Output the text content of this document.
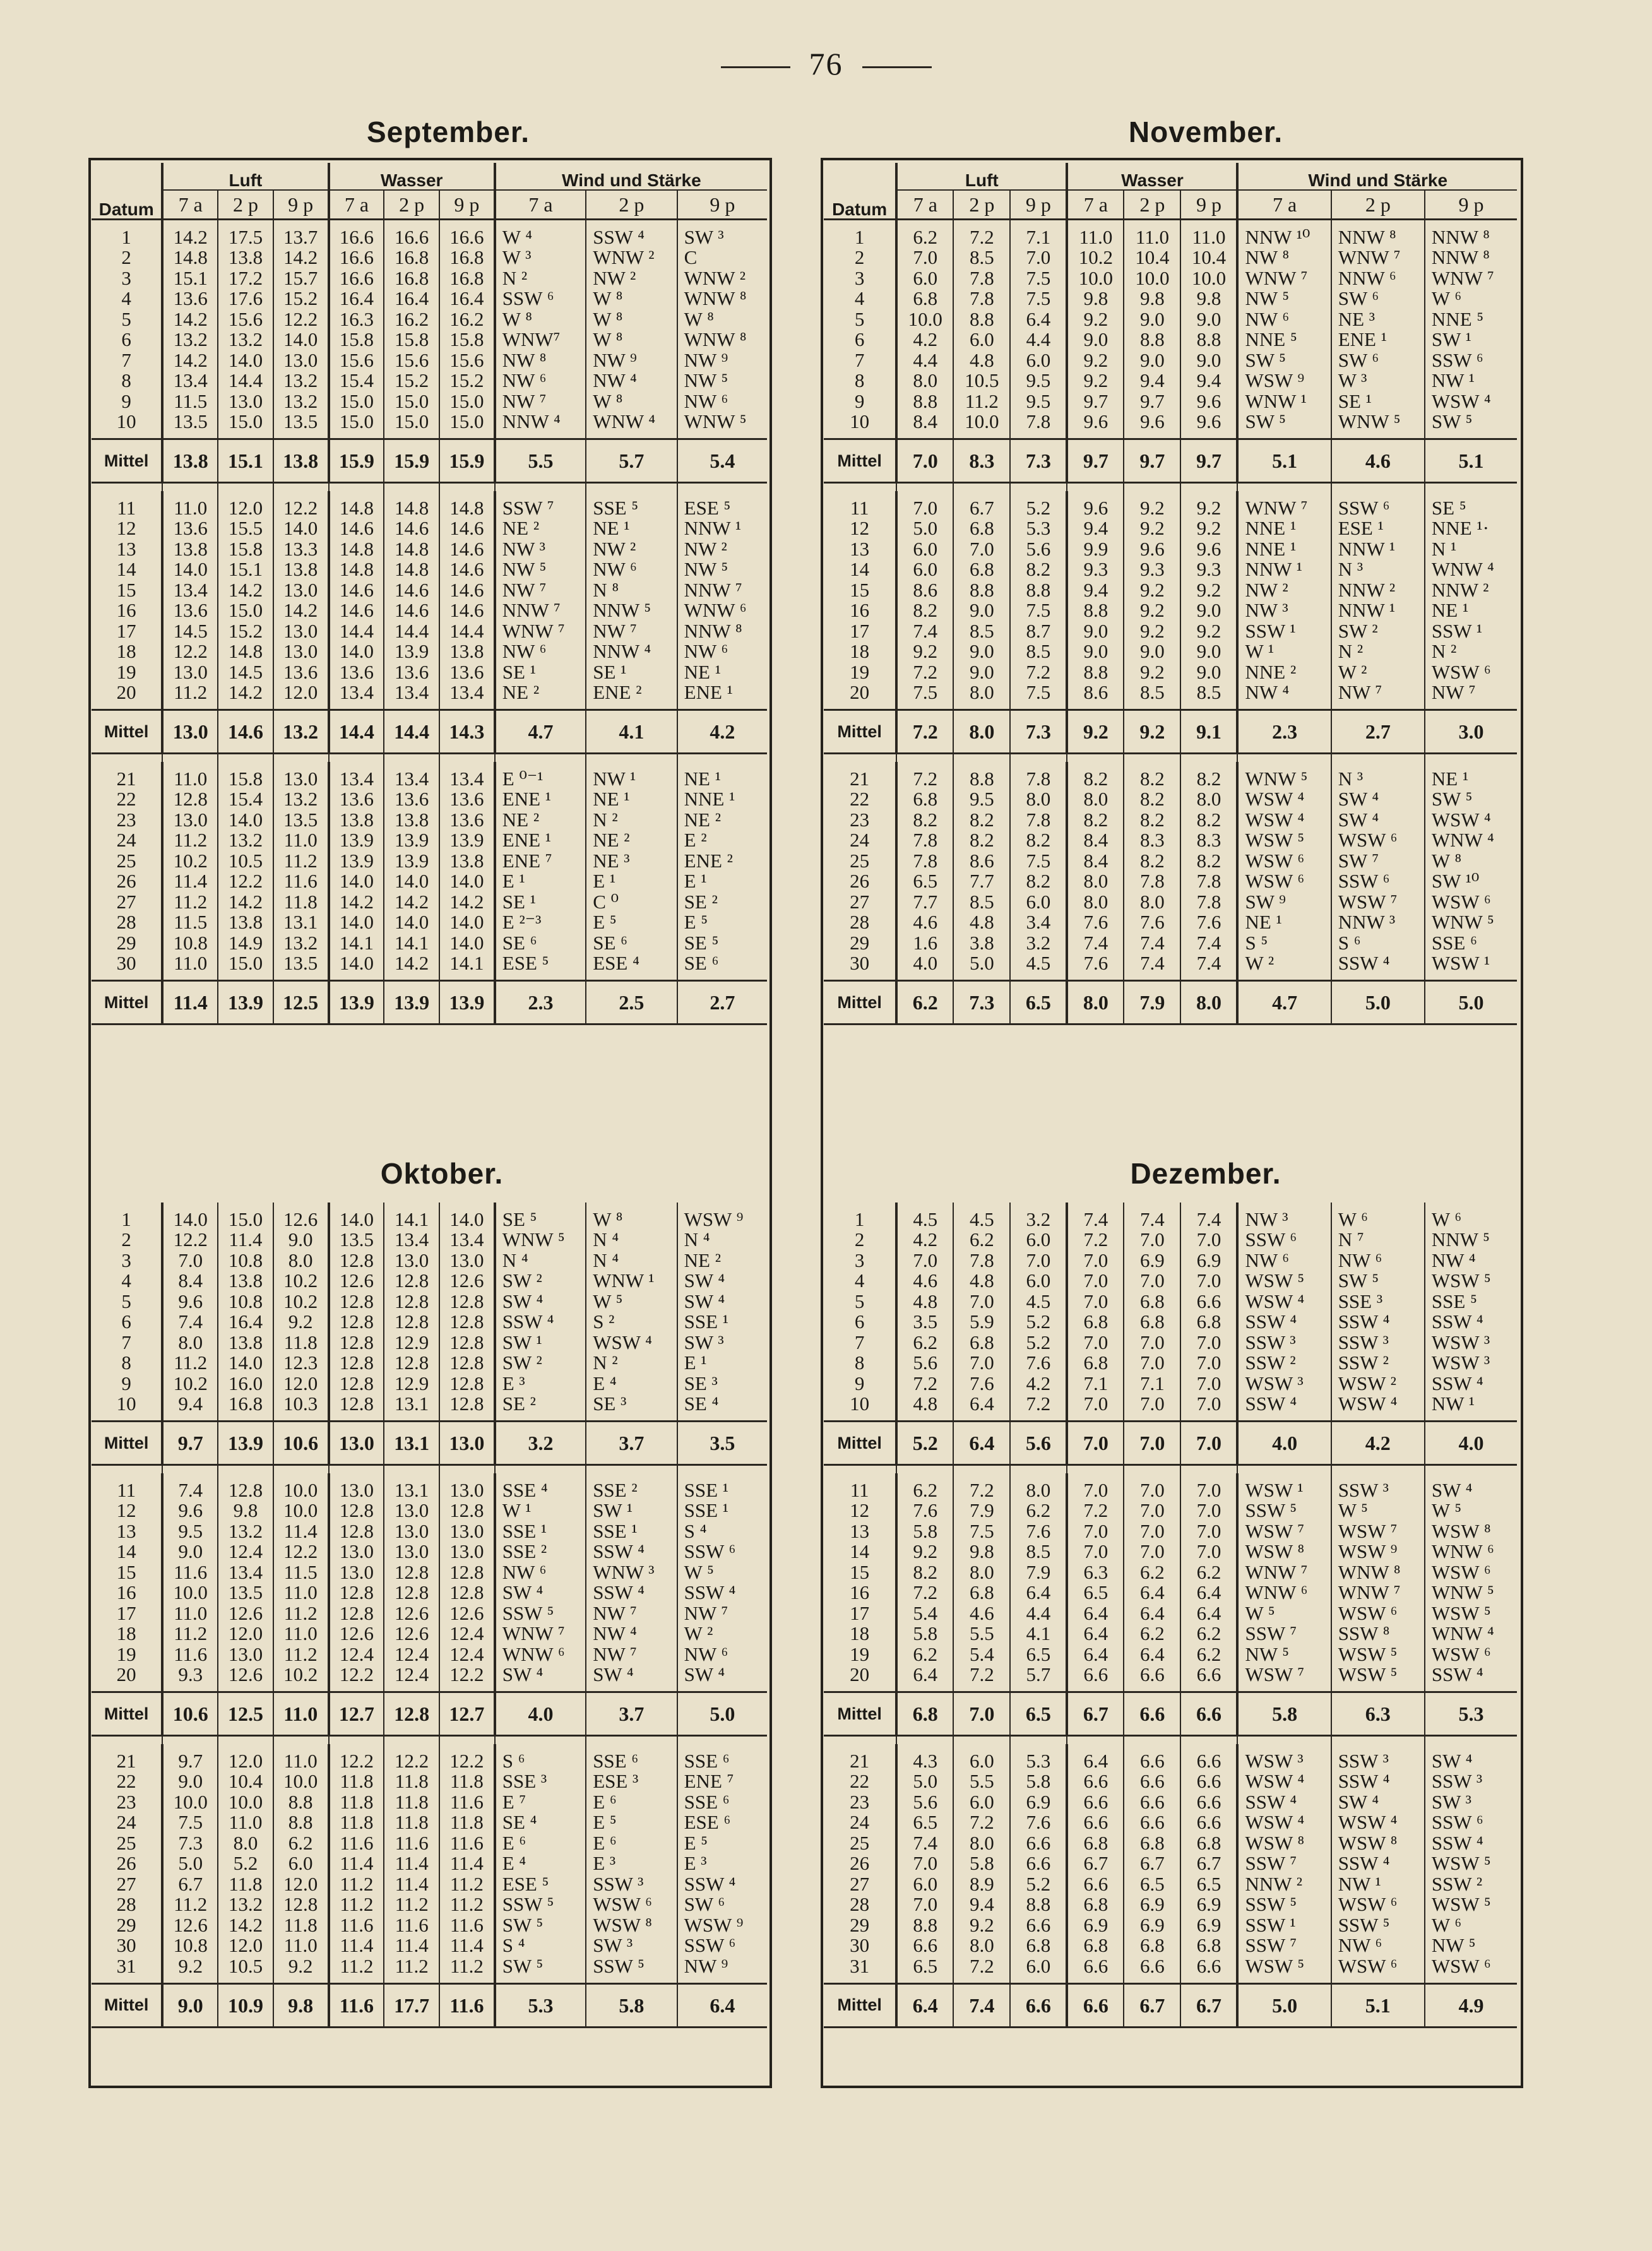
76
September.	November.
Oktober.	Dezember.
Datum	Luft			Wasser			Wind und Stärke		
	7 a	2 p	9 p	7 a	2 p	9 p	7 a	2 p	9 p
1	14.2	17.5	13.7	16.6	16.6	16.6	W ⁴	SSW ⁴	SW ³
2	14.8	13.8	14.2	16.6	16.8	16.8	W ³	WNW ²	C
3	15.1	17.2	15.7	16.6	16.8	16.8	N ²	NW ²	WNW ²
4	13.6	17.6	15.2	16.4	16.4	16.4	SSW ⁶	W ⁸	WNW ⁸
5	14.2	15.6	12.2	16.3	16.2	16.2	W ⁸	W ⁸	W ⁸
6	13.2	13.2	14.0	15.8	15.8	15.8	WNW⁷	W ⁸	WNW ⁸
7	14.2	14.0	13.0	15.6	15.6	15.6	NW ⁸	NW ⁹	NW ⁹
8	13.4	14.4	13.2	15.4	15.2	15.2	NW ⁶	NW ⁴	NW ⁵
9	11.5	13.0	13.2	15.0	15.0	15.0	NW ⁷	W ⁸	NW ⁶
10	13.5	15.0	13.5	15.0	15.0	15.0	NNW ⁴	WNW ⁴	WNW ⁵
Mittel	13.8	15.1	13.8	15.9	15.9	15.9	5.5	5.7	5.4

11	11.0	12.0	12.2	14.8	14.8	14.8	SSW ⁷	SSE ⁵	ESE ⁵
12	13.6	15.5	14.0	14.6	14.6	14.6	NE ²	NE ¹	NNW ¹
13	13.8	15.8	13.3	14.8	14.8	14.6	NW ³	NW ²	NW ²
14	14.0	15.1	13.8	14.8	14.8	14.6	NW ⁵	NW ⁶	NW ⁵
15	13.4	14.2	13.0	14.6	14.6	14.6	NW ⁷	N ⁸	NNW ⁷
16	13.6	15.0	14.2	14.6	14.6	14.6	NNW ⁷	NNW ⁵	WNW ⁶
17	14.5	15.2	13.0	14.4	14.4	14.4	WNW ⁷	NW ⁷	NNW ⁸
18	12.2	14.8	13.0	14.0	13.9	13.8	NW ⁶	NNW ⁴	NW ⁶
19	13.0	14.5	13.6	13.6	13.6	13.6	SE ¹	SE ¹	NE ¹
20	11.2	14.2	12.0	13.4	13.4	13.4	NE ²	ENE ²	ENE ¹
Mittel	13.0	14.6	13.2	14.4	14.4	14.3	4.7	4.1	4.2

21	11.0	15.8	13.0	13.4	13.4	13.4	E ⁰⁻¹	NW ¹	NE ¹
22	12.8	15.4	13.2	13.6	13.6	13.6	ENE ¹	NE ¹	NNE ¹
23	13.0	14.0	13.5	13.8	13.8	13.6	NE ²	N ²	NE ²
24	11.2	13.2	11.0	13.9	13.9	13.9	ENE ¹	NE ²	E ²
25	10.2	10.5	11.2	13.9	13.9	13.8	ENE ⁷	NE ³	ENE ²
26	11.4	12.2	11.6	14.0	14.0	14.0	E ¹	E ¹	E ¹
27	11.2	14.2	11.8	14.2	14.2	14.2	SE ¹	C ⁰	SE ²
28	11.5	13.8	13.1	14.0	14.0	14.0	E ²⁻³	E ⁵	E ⁵
29	10.8	14.9	13.2	14.1	14.1	14.0	SE ⁶	SE ⁶	SE ⁵
30	11.0	15.0	13.5	14.0	14.2	14.1	ESE ⁵	ESE ⁴	SE ⁶
Mittel	11.4	13.9	12.5	13.9	13.9	13.9	2.3	2.5	2.7
1	14.0	15.0	12.6	14.0	14.1	14.0	SE ⁵	W ⁸	WSW ⁹
2	12.2	11.4	9.0	13.5	13.4	13.4	WNW ⁵	N ⁴	N ⁴
3	7.0	10.8	8.0	12.8	13.0	13.0	N ⁴	N ⁴	NE ²
4	8.4	13.8	10.2	12.6	12.8	12.6	SW ²	WNW ¹	SW ⁴
5	9.6	10.8	10.2	12.8	12.8	12.8	SW ⁴	W ⁵	SW ⁴
6	7.4	16.4	9.2	12.8	12.8	12.8	SSW ⁴	S ²	SSE ¹
7	8.0	13.8	11.8	12.8	12.9	12.8	SW ¹	WSW ⁴	SW ³
8	11.2	14.0	12.3	12.8	12.8	12.8	SW ²	N ²	E ¹
9	10.2	16.0	12.0	12.8	12.9	12.8	E ³	E ⁴	SE ³
10	9.4	16.8	10.3	12.8	13.1	12.8	SE ²	SE ³	SE ⁴
Mittel	9.7	13.9	10.6	13.0	13.1	13.0	3.2	3.7	3.5

11	7.4	12.8	10.0	13.0	13.1	13.0	SSE ⁴	SSE ²	SSE ¹
12	9.6	9.8	10.0	12.8	13.0	12.8	W ¹	SW ¹	SSE ¹
13	9.5	13.2	11.4	12.8	13.0	13.0	SSE ¹	SSE ¹	S ⁴
14	9.0	12.4	12.2	13.0	13.0	13.0	SSE ²	SSW ⁴	SSW ⁶
15	11.6	13.4	11.5	13.0	12.8	12.8	NW ⁶	WNW ³	W ⁵
16	10.0	13.5	11.0	12.8	12.8	12.8	SW ⁴	SSW ⁴	SSW ⁴
17	11.0	12.6	11.2	12.8	12.6	12.6	SSW ⁵	NW ⁷	NW ⁷
18	11.2	12.0	11.0	12.6	12.6	12.4	WNW ⁷	NW ⁴	W ²
19	11.6	13.0	11.2	12.4	12.4	12.4	WNW ⁶	NW ⁷	NW ⁶
20	9.3	12.6	10.2	12.2	12.4	12.2	SW ⁴	SW ⁴	SW ⁴
Mittel	10.6	12.5	11.0	12.7	12.8	12.7	4.0	3.7	5.0

21	9.7	12.0	11.0	12.2	12.2	12.2	S ⁶	SSE ⁶	SSE ⁶
22	9.0	10.4	10.0	11.8	11.8	11.8	SSE ³	ESE ³	ENE ⁷
23	10.0	10.0	8.8	11.8	11.8	11.6	E ⁷	E ⁶	SSE ⁶
24	7.5	11.0	8.8	11.8	11.8	11.8	SE ⁴	E ⁵	ESE ⁶
25	7.3	8.0	6.2	11.6	11.6	11.6	E ⁶	E ⁶	E ⁵
26	5.0	5.2	6.0	11.4	11.4	11.4	E ⁴	E ³	E ³
27	6.7	11.8	12.0	11.2	11.4	11.2	ESE ⁵	SSW ³	SSW ⁴
28	11.2	13.2	12.8	11.2	11.2	11.2	SSW ⁵	WSW ⁶	SW ⁶
29	12.6	14.2	11.8	11.6	11.6	11.6	SW ⁵	WSW ⁸	WSW ⁹
30	10.8	12.0	11.0	11.4	11.4	11.4	S ⁴	SW ³	SSW ⁶
31	9.2	10.5	9.2	11.2	11.2	11.2	SW ⁵	SSW ⁵	NW ⁹
Mittel	9.0	10.9	9.8	11.6	17.7	11.6	5.3	5.8	6.4
Datum	Luft			Wasser			Wind und Stärke		
	7 a	2 p	9 p	7 a	2 p	9 p	7 a	2 p	9 p
1	6.2	7.2	7.1	11.0	11.0	11.0	NNW ¹⁰	NNW ⁸	NNW ⁸
2	7.0	8.5	7.0	10.2	10.4	10.4	NW ⁸	WNW ⁷	NNW ⁸
3	6.0	7.8	7.5	10.0	10.0	10.0	WNW ⁷	NNW ⁶	WNW ⁷
4	6.8	7.8	7.5	9.8	9.8	9.8	NW ⁵	SW ⁶	W ⁶
5	10.0	8.8	6.4	9.2	9.0	9.0	NW ⁶	NE ³	NNE ⁵
6	4.2	6.0	4.4	9.0	8.8	8.8	NNE ⁵	ENE ¹	SW ¹
7	4.4	4.8	6.0	9.2	9.0	9.0	SW ⁵	SW ⁶	SSW ⁶
8	8.0	10.5	9.5	9.2	9.4	9.4	WSW ⁹	W ³	NW ¹
9	8.8	11.2	9.5	9.7	9.7	9.6	WNW ¹	SE ¹	WSW ⁴
10	8.4	10.0	7.8	9.6	9.6	9.6	SW ⁵	WNW ⁵	SW ⁵
Mittel	7.0	8.3	7.3	9.7	9.7	9.7	5.1	4.6	5.1

11	7.0	6.7	5.2	9.6	9.2	9.2	WNW ⁷	SSW ⁶	SE ⁵
12	5.0	6.8	5.3	9.4	9.2	9.2	NNE ¹	ESE ¹	NNE ¹·
13	6.0	7.0	5.6	9.9	9.6	9.6	NNE ¹	NNW ¹	N ¹
14	6.0	6.8	8.2	9.3	9.3	9.3	NNW ¹	N ³	WNW ⁴
15	8.6	8.8	8.8	9.4	9.2	9.2	NW ²	NNW ²	NNW ²
16	8.2	9.0	7.5	8.8	9.2	9.0	NW ³	NNW ¹	NE ¹
17	7.4	8.5	8.7	9.0	9.2	9.2	SSW ¹	SW ²	SSW ¹
18	9.2	9.0	8.5	9.0	9.0	9.0	W ¹	N ²	N ²
19	7.2	9.0	7.2	8.8	9.2	9.0	NNE ²	W ²	WSW ⁶
20	7.5	8.0	7.5	8.6	8.5	8.5	NW ⁴	NW ⁷	NW ⁷
Mittel	7.2	8.0	7.3	9.2	9.2	9.1	2.3	2.7	3.0

21	7.2	8.8	7.8	8.2	8.2	8.2	WNW ⁵	N ³	NE ¹
22	6.8	9.5	8.0	8.0	8.2	8.0	WSW ⁴	SW ⁴	SW ⁵
23	8.2	8.2	7.8	8.2	8.2	8.2	WSW ⁴	SW ⁴	WSW ⁴
24	7.8	8.2	8.2	8.4	8.3	8.3	WSW ⁵	WSW ⁶	WNW ⁴
25	7.8	8.6	7.5	8.4	8.2	8.2	WSW ⁶	SW ⁷	W ⁸
26	6.5	7.7	8.2	8.0	7.8	7.8	WSW ⁶	SSW ⁶	SW ¹⁰
27	7.7	8.5	6.0	8.0	8.0	7.8	SW ⁹	WSW ⁷	WSW ⁶
28	4.6	4.8	3.4	7.6	7.6	7.6	NE ¹	NNW ³	WNW ⁵
29	1.6	3.8	3.2	7.4	7.4	7.4	S ⁵	S ⁶	SSE ⁶
30	4.0	5.0	4.5	7.6	7.4	7.4	W ²	SSW ⁴	WSW ¹
Mittel	6.2	7.3	6.5	8.0	7.9	8.0	4.7	5.0	5.0
1	4.5	4.5	3.2	7.4	7.4	7.4	NW ³	W ⁶	W ⁶
2	4.2	6.2	6.0	7.2	7.0	7.0	SSW ⁶	N ⁷	NNW ⁵
3	7.0	7.8	7.0	7.0	6.9	6.9	NW ⁶	NW ⁶	NW ⁴
4	4.6	4.8	6.0	7.0	7.0	7.0	WSW ⁵	SW ⁵	WSW ⁵
5	4.8	7.0	4.5	7.0	6.8	6.6	WSW ⁴	SSE ³	SSE ⁵
6	3.5	5.9	5.2	6.8	6.8	6.8	SSW ⁴	SSW ⁴	SSW ⁴
7	6.2	6.8	5.2	7.0	7.0	7.0	SSW ³	SSW ³	WSW ³
8	5.6	7.0	7.6	6.8	7.0	7.0	SSW ²	SSW ²	WSW ³
9	7.2	7.6	4.2	7.1	7.1	7.0	WSW ³	WSW ²	SSW ⁴
10	4.8	6.4	7.2	7.0	7.0	7.0	SSW ⁴	WSW ⁴	NW ¹
Mittel	5.2	6.4	5.6	7.0	7.0	7.0	4.0	4.2	4.0

11	6.2	7.2	8.0	7.0	7.0	7.0	WSW ¹	SSW ³	SW ⁴
12	7.6	7.9	6.2	7.2	7.0	7.0	SSW ⁵	W ⁵	W ⁵
13	5.8	7.5	7.6	7.0	7.0	7.0	WSW ⁷	WSW ⁷	WSW ⁸
14	9.2	9.8	8.5	7.0	7.0	7.0	WSW ⁸	WSW ⁹	WNW ⁶
15	8.2	8.0	7.9	6.3	6.2	6.2	WNW ⁷	WNW ⁸	WSW ⁶
16	7.2	6.8	6.4	6.5	6.4	6.4	WNW ⁶	WNW ⁷	WNW ⁵
17	5.4	4.6	4.4	6.4	6.4	6.4	W ⁵	WSW ⁶	WSW ⁵
18	5.8	5.5	4.1	6.4	6.2	6.2	SSW ⁷	SSW ⁸	WNW ⁴
19	6.2	5.4	6.5	6.4	6.4	6.2	NW ⁵	WSW ⁵	WSW ⁶
20	6.4	7.2	5.7	6.6	6.6	6.6	WSW ⁷	WSW ⁵	SSW ⁴
Mittel	6.8	7.0	6.5	6.7	6.6	6.6	5.8	6.3	5.3

21	4.3	6.0	5.3	6.4	6.6	6.6	WSW ³	SSW ³	SW ⁴
22	5.0	5.5	5.8	6.6	6.6	6.6	WSW ⁴	SSW ⁴	SSW ³
23	5.6	6.0	6.9	6.6	6.6	6.6	SSW ⁴	SW ⁴	SW ³
24	6.5	7.2	7.6	6.6	6.6	6.6	WSW ⁴	WSW ⁴	SSW ⁶
25	7.4	8.0	6.6	6.8	6.8	6.8	WSW ⁸	WSW ⁸	SSW ⁴
26	7.0	5.8	6.6	6.7	6.7	6.7	SSW ⁷	SSW ⁴	WSW ⁵
27	6.0	8.9	5.2	6.6	6.5	6.5	NNW ²	NW ¹	SSW ²
28	7.0	9.4	8.8	6.8	6.9	6.9	SSW ⁵	WSW ⁶	WSW ⁵
29	8.8	9.2	6.6	6.9	6.9	6.9	SSW ¹	SSW ⁵	W ⁶
30	6.6	8.0	6.8	6.8	6.8	6.8	SSW ⁷	NW ⁶	NW ⁵
31	6.5	7.2	6.0	6.6	6.6	6.6	WSW ⁵	WSW ⁶	WSW ⁶
Mittel	6.4	7.4	6.6	6.6	6.7	6.7	5.0	5.1	4.9
